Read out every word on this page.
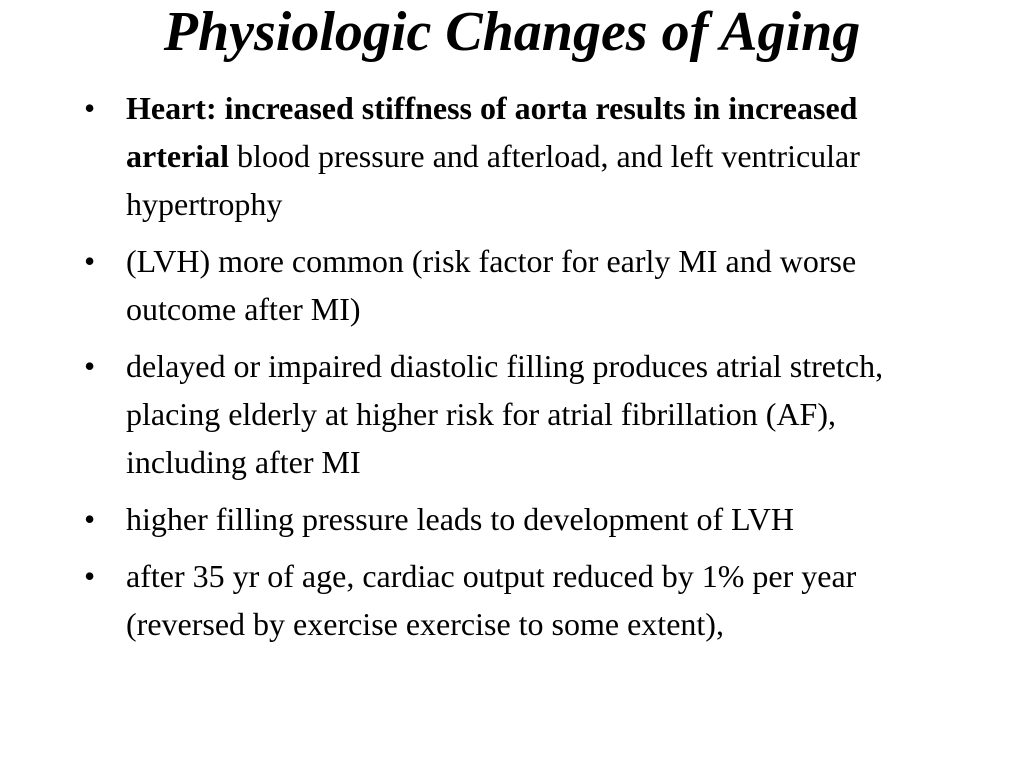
Physiologic Changes of Aging
• Heart: increased stiffness of aorta results in increased arterial blood pressure and afterload, and left ventricular hypertrophy
• (LVH) more common (risk factor for early MI and worse outcome after MI)
• delayed or impaired diastolic filling produces atrial stretch, placing elderly at higher risk for atrial fibrillation (AF), including after MI
• higher filling pressure leads to development of LVH
• after 35 yr of age, cardiac output reduced by 1% per year (reversed by exercise exercise to some extent),
